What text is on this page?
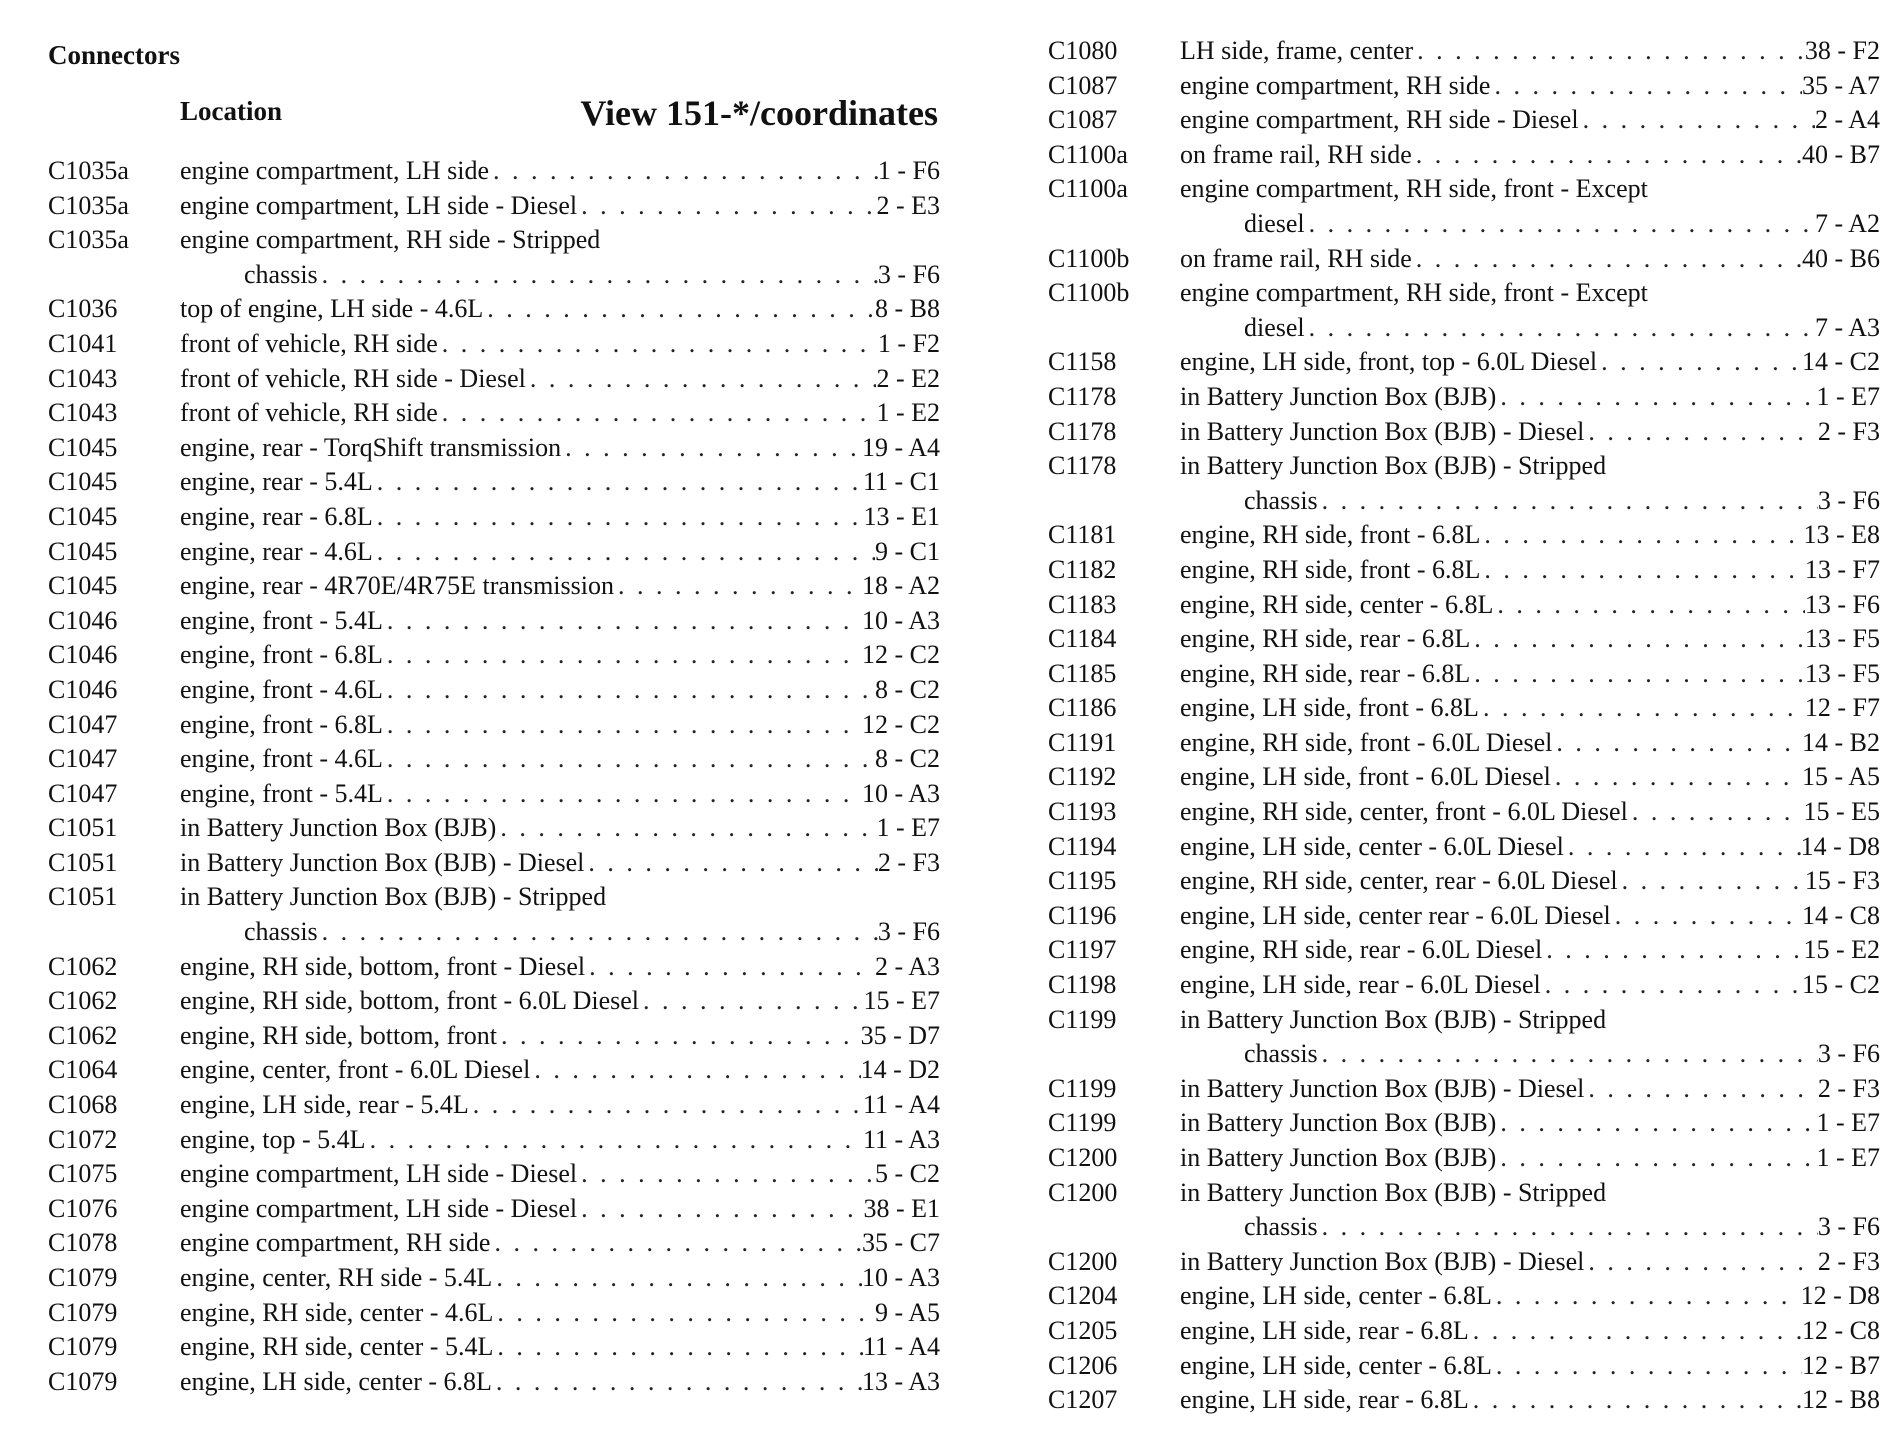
Connectors
Location	View 151-*/coordinates
C1035a	engine compartment, LH side . . .	1 - F6
C1035a	engine compartment, LH side - Diesel . . .	2 - E3
C1035a	engine compartment, RH side - Stripped
chassis . . .	3 - F6
C1036	top of engine, LH side - 4.6L . . .	8 - B8
C1041	front of vehicle, RH side . . .	1 - F2
C1043	front of vehicle, RH side - Diesel . . .	2 - E2
C1043	front of vehicle, RH side . . .	1 - E2
C1045	engine, rear - TorqShift transmission . . .	19 - A4
C1045	engine, rear - 5.4L . . .	11 - C1
C1045	engine, rear - 6.8L . . .	13 - E1
C1045	engine, rear - 4.6L . . .	9 - C1
C1045	engine, rear - 4R70E/4R75E transmission . . .	18 - A2
C1046	engine, front - 5.4L . . .	10 - A3
C1046	engine, front - 6.8L . . .	12 - C2
C1046	engine, front - 4.6L . . .	8 - C2
C1047	engine, front - 6.8L . . .	12 - C2
C1047	engine, front - 4.6L . . .	8 - C2
C1047	engine, front - 5.4L . . .	10 - A3
C1051	in Battery Junction Box (BJB) . . .	1 - E7
C1051	in Battery Junction Box (BJB) - Diesel . . .	2 - F3
C1051	in Battery Junction Box (BJB) - Stripped
chassis . . .	3 - F6
C1062	engine, RH side, bottom, front - Diesel . . .	2 - A3
C1062	engine, RH side, bottom, front - 6.0L Diesel . . .	15 - E7
C1062	engine, RH side, bottom, front . . .	35 - D7
C1064	engine, center, front - 6.0L Diesel . . .	14 - D2
C1068	engine, LH side, rear - 5.4L . . .	11 - A4
C1072	engine, top - 5.4L . . .	11 - A3
C1075	engine compartment, LH side - Diesel . . .	5 - C2
C1076	engine compartment, LH side - Diesel . . .	38 - E1
C1078	engine compartment, RH side . . .	35 - C7
C1079	engine, center, RH side - 5.4L . . .	10 - A3
C1079	engine, RH side, center - 4.6L . . .	9 - A5
C1079	engine, RH side, center - 5.4L . . .	11 - A4
C1079	engine, LH side, center - 6.8L . . .	13 - A3
C1080	LH side, frame, center . . .	38 - F2
C1087	engine compartment, RH side . . .	35 - A7
C1087	engine compartment, RH side - Diesel . . .	2 - A4
C1100a	on frame rail, RH side . . .	40 - B7
C1100a	engine compartment, RH side, front - Except
diesel . . .	7 - A2
C1100b	on frame rail, RH side . . .	40 - B6
C1100b	engine compartment, RH side, front - Except
diesel . . .	7 - A3
C1158	engine, LH side, front, top - 6.0L Diesel . . .	14 - C2
C1178	in Battery Junction Box (BJB) . . .	1 - E7
C1178	in Battery Junction Box (BJB) - Diesel . . .	2 - F3
C1178	in Battery Junction Box (BJB) - Stripped
chassis . . .	3 - F6
C1181	engine, RH side, front - 6.8L . . .	13 - E8
C1182	engine, RH side, front - 6.8L . . .	13 - F7
C1183	engine, RH side, center - 6.8L . . .	13 - F6
C1184	engine, RH side, rear - 6.8L . . .	13 - F5
C1185	engine, RH side, rear - 6.8L . . .	13 - F5
C1186	engine, LH side, front - 6.8L . . .	12 - F7
C1191	engine, RH side, front - 6.0L Diesel . . .	14 - B2
C1192	engine, LH side, front - 6.0L Diesel . . .	15 - A5
C1193	engine, RH side, center, front - 6.0L Diesel . . .	15 - E5
C1194	engine, LH side, center - 6.0L Diesel . . .	14 - D8
C1195	engine, RH side, center, rear - 6.0L Diesel . . .	15 - F3
C1196	engine, LH side, center rear - 6.0L Diesel . . .	14 - C8
C1197	engine, RH side, rear - 6.0L Diesel . . .	15 - E2
C1198	engine, LH side, rear - 6.0L Diesel . . .	15 - C2
C1199	in Battery Junction Box (BJB) - Stripped
chassis . . .	3 - F6
C1199	in Battery Junction Box (BJB) - Diesel . . .	2 - F3
C1199	in Battery Junction Box (BJB) . . .	1 - E7
C1200	in Battery Junction Box (BJB) . . .	1 - E7
C1200	in Battery Junction Box (BJB) - Stripped
chassis . . .	3 - F6
C1200	in Battery Junction Box (BJB) - Diesel . . .	2 - F3
C1204	engine, LH side, center - 6.8L . . .	12 - D8
C1205	engine, LH side, rear - 6.8L . . .	12 - C8
C1206	engine, LH side, center - 6.8L . . .	12 - B7
C1207	engine, LH side, rear - 6.8L . . .	12 - B8
